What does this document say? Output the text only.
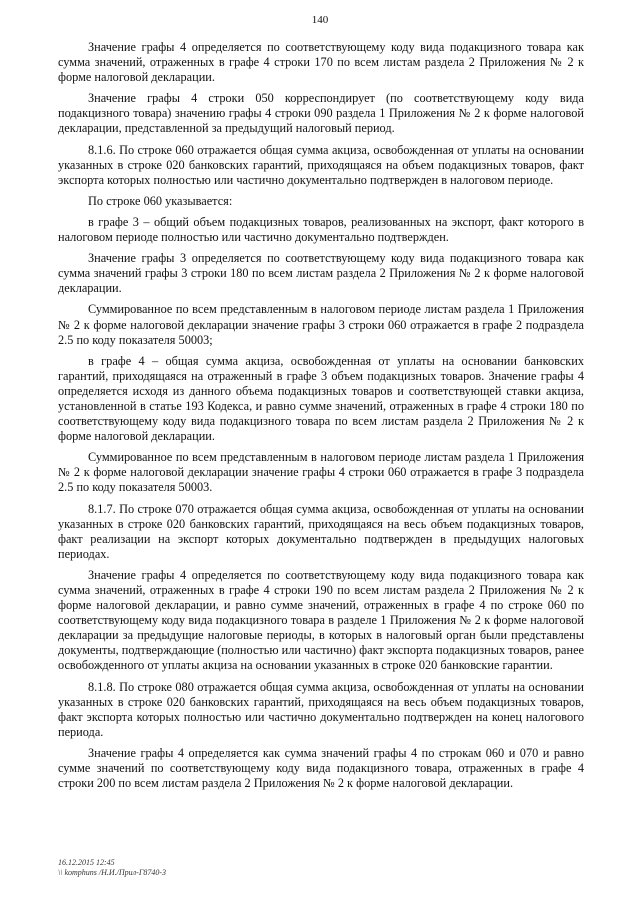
140

Значение графы 4 определяется по соответствующему коду вида подакцизного товара как сумма значений, отраженных в графе 4 строки 170 по всем листам раздела 2 Приложения № 2 к форме налоговой декларации.

Значение графы 4 строки 050 корреспондирует (по соответствующему коду вида подакцизного товара) значению графы 4 строки 090 раздела 1 Приложения № 2 к форме налоговой декларации, представленной за предыдущий налоговый период.

8.1.6. По строке 060 отражается общая сумма акциза, освобожденная от уплаты на основании указанных в строке 020 банковских гарантий, приходящаяся на объем подакцизных товаров, факт экспорта которых полностью или частично документально подтвержден в налоговом периоде.

По строке 060 указывается:

в графе 3 – общий объем подакцизных товаров, реализованных на экспорт, факт которого в налоговом периоде полностью или частично документально подтвержден.

Значение графы 3 определяется по соответствующему коду вида подакцизного товара как сумма значений графы 3 строки 180 по всем листам раздела 2 Приложения № 2 к форме налоговой декларации.

Суммированное по всем представленным в налоговом периоде листам раздела 1 Приложения № 2 к форме налоговой декларации значение графы 3 строки 060 отражается в графе 2 подраздела 2.5 по коду показателя 50003;

в графе 4 – общая сумма акциза, освобожденная от уплаты на основании банковских гарантий, приходящаяся на отраженный в графе 3 объем подакцизных товаров. Значение графы 4 определяется исходя из данного объема подакцизных товаров и соответствующей ставки акциза, установленной в статье 193 Кодекса, и равно сумме значений, отраженных в графе 4 строки 180 по соответствующему коду вида подакцизного товара по всем листам раздела 2 Приложения № 2 к форме налоговой декларации.

Суммированное по всем представленным в налоговом периоде листам раздела 1 Приложения № 2 к форме налоговой декларации значение графы 4 строки 060 отражается в графе 3 подраздела 2.5 по коду показателя 50003.

8.1.7. По строке 070 отражается общая сумма акциза, освобожденная от уплаты на основании указанных в строке 020 банковских гарантий, приходящаяся на весь объем подакцизных товаров, факт реализации на экспорт которых документально подтвержден в предыдущих налоговых периодах.

Значение графы 4 определяется по соответствующему коду вида подакцизного товара как сумма значений, отраженных в графе 4 строки 190 по всем листам раздела 2 Приложения № 2 к форме налоговой декларации, и равно сумме значений, отраженных в графе 4 по строке 060 по соответствующему коду вида подакцизного товара в разделе 1 Приложения № 2 к форме налоговой декларации за предыдущие налоговые периоды, в которых в налоговый орган были представлены документы, подтверждающие (полностью или частично) факт экспорта подакцизных товаров, ранее освобожденного от уплаты акциза на основании указанных в строке 020 банковские гарантии.

8.1.8. По строке 080 отражается общая сумма акциза, освобожденная от уплаты на основании указанных в строке 020 банковских гарантий, приходящаяся на весь объем подакцизных товаров, факт экспорта которых полностью или частично документально подтвержден на конец налогового периода.

Значение графы 4 определяется как сумма значений графы 4 по строкам 060 и 070 и равно сумме значений по соответствующему коду вида подакцизного товара, отраженных в графе 4 строки 200 по всем листам раздела 2 Приложения № 2 к форме налоговой декларации.

16.12.2015 12:45
\\ komphuns /Н.И./Прил-Г8740-3
